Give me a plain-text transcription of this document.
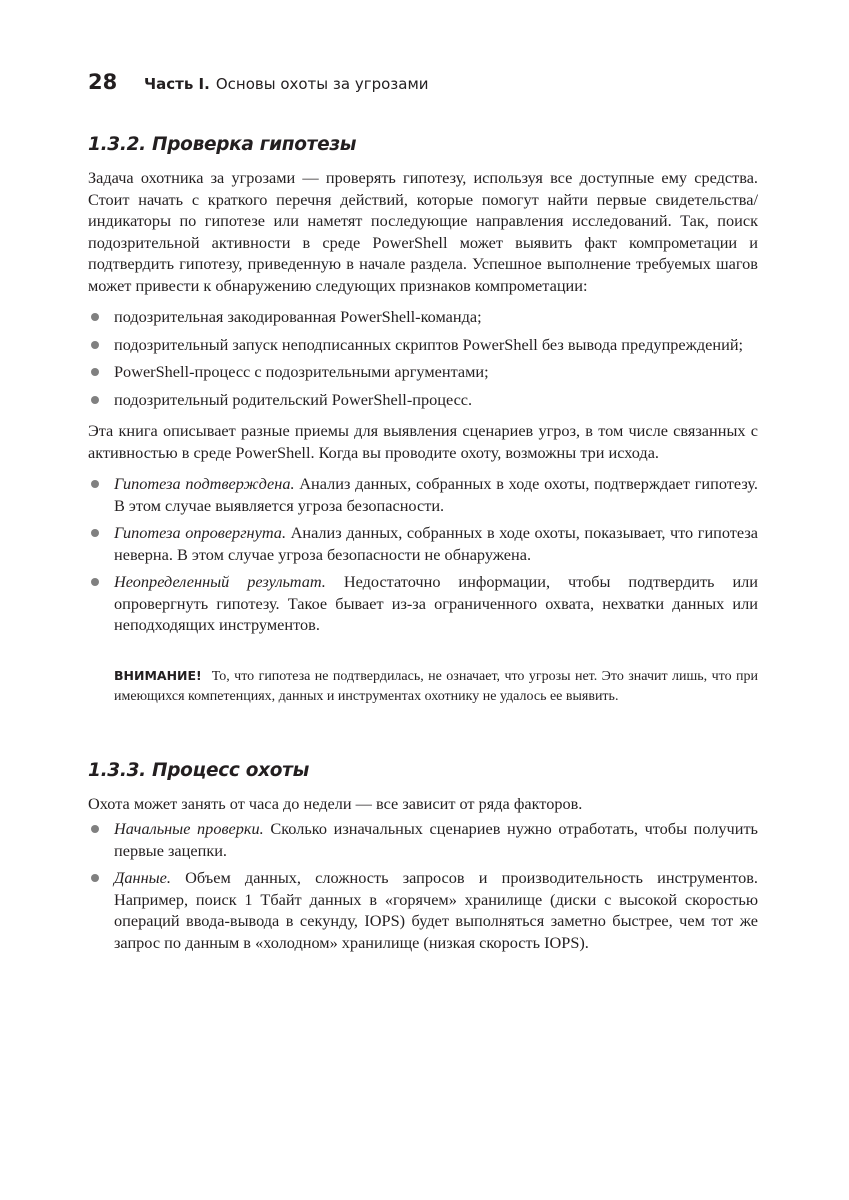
28	Часть I. Основы охоты за угрозами
1.3.2. Проверка гипотезы

Задача охотника за угрозами — проверять гипотезу, используя все доступные ему средства. Стоит начать с краткого перечня действий, которые помогут найти первые свидетельства/индикаторы по гипотезе или наметят последующие направления исследований. Так, поиск подозрительной активности в среде PowerShell может выявить факт компрометации и подтвердить гипотезу, приведенную в начале раздела. Успешное выполнение требуемых шагов может привести к обнаружению следующих признаков компрометации:

подозрительная закодированная PowerShell-команда;
подозрительный запуск неподписанных скриптов PowerShell без вывода предупреждений;
PowerShell-процесс с подозрительными аргументами;
подозрительный родительский PowerShell-процесс.

Эта книга описывает разные приемы для выявления сценариев угроз, в том числе связанных с активностью в среде PowerShell. Когда вы проводите охоту, возможны три исхода.

Гипотеза подтверждена. Анализ данных, собранных в ходе охоты, подтверждает гипотезу. В этом случае выявляется угроза безопасности.
Гипотеза опровергнута. Анализ данных, собранных в ходе охоты, показывает, что гипотеза неверна. В этом случае угроза безопасности не обнаружена.
Неопределенный результат. Недостаточно информации, чтобы подтвердить или опровергнуть гипотезу. Такое бывает из-за ограниченного охвата, нехватки данных или неподходящих инструментов.
ВНИМАНИЕ! То, что гипотеза не подтвердилась, не означает, что угрозы нет. Это значит лишь, что при имеющихся компетенциях, данных и инструментах охотнику не удалось ее выявить.
1.3.3. Процесс охоты

Охота может занять от часа до недели — все зависит от ряда факторов.

Начальные проверки. Сколько изначальных сценариев нужно отработать, чтобы получить первые зацепки.
Данные. Объем данных, сложность запросов и производительность инструментов. Например, поиск 1 Тбайт данных в «горячем» хранилище (диски с высокой скоростью операций ввода-вывода в секунду, IOPS) будет выполняться заметно быстрее, чем тот же запрос по данным в «холодном» хранилище (низкая скорость IOPS).
